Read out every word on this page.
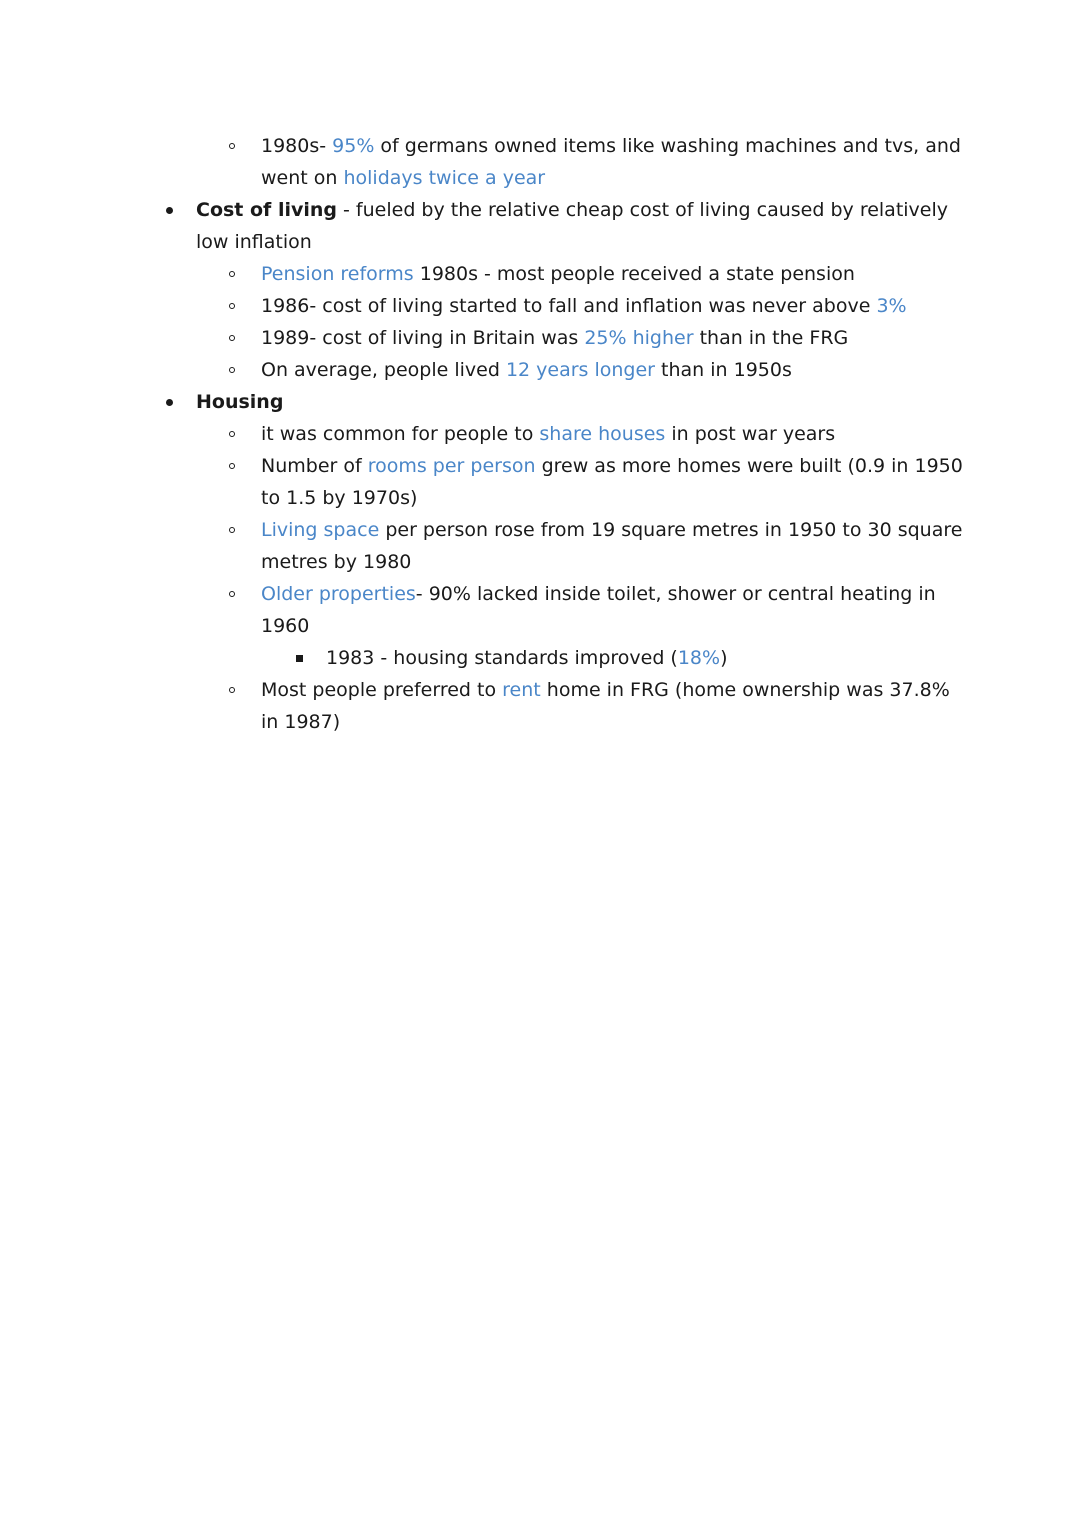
1980s- 95% of germans owned items like washing machines and tvs, and
went on holidays twice a year
Cost of living - fueled by the relative cheap cost of living caused by relatively
low inflation
Pension reforms 1980s - most people received a state pension
1986- cost of living started to fall and inflation was never above 3%
1989- cost of living in Britain was 25% higher than in the FRG
On average, people lived 12 years longer than in 1950s
Housing
it was common for people to share houses in post war years
Number of rooms per person grew as more homes were built (0.9 in 1950
to 1.5 by 1970s)
Living space per person rose from 19 square metres in 1950 to 30 square
metres by 1980
Older properties- 90% lacked inside toilet, shower or central heating in
1960
1983 - housing standards improved (18%)
Most people preferred to rent home in FRG (home ownership was 37.8%
in 1987)
